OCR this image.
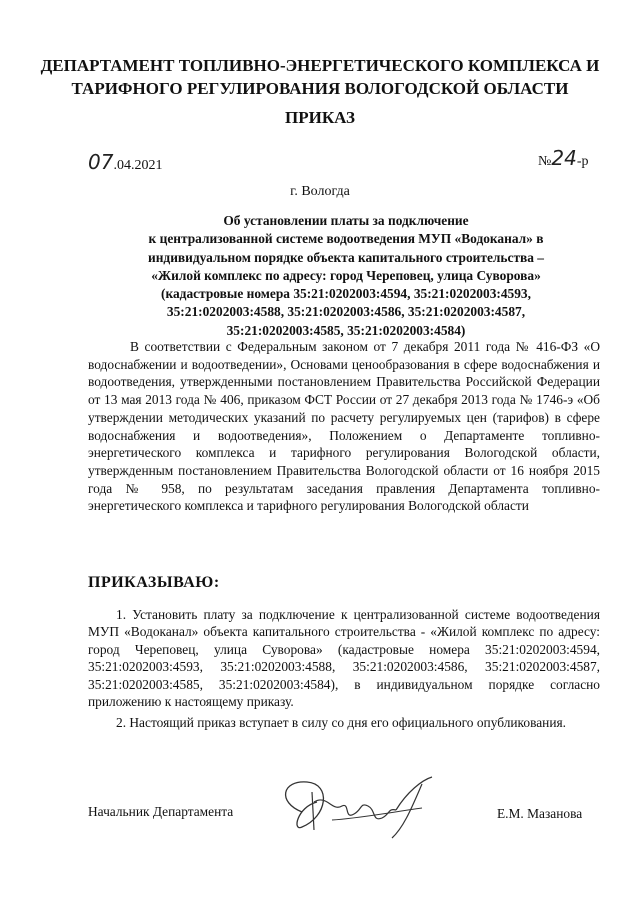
ДЕПАРТАМЕНТ ТОПЛИВНО-ЭНЕРГЕТИЧЕСКОГО КОМПЛЕКСА И
ТАРИФНОГО РЕГУЛИРОВАНИЯ ВОЛОГОДСКОЙ ОБЛАСТИ
ПРИКАЗ
07.04.2021	№24-р
г. Вологда
Об установлении платы за подключение
к централизованной системе водоотведения МУП «Водоканал» в
индивидуальном порядке объекта капитального строительства –
«Жилой комплекс по адресу: город Череповец, улица Суворова»
(кадастровые номера 35:21:0202003:4594, 35:21:0202003:4593,
35:21:0202003:4588, 35:21:0202003:4586, 35:21:0202003:4587,
35:21:0202003:4585, 35:21:0202003:4584)
В соответствии с Федеральным законом от 7 декабря 2011 года № 416-ФЗ «О водоснабжении и водоотведении», Основами ценообразования в сфере водоснабжения и водоотведения, утвержденными постановлением Правительства Российской Федерации от 13 мая 2013 года № 406, приказом ФСТ России от 27 декабря 2013 года № 1746-э «Об утверждении методических указаний по расчету регулируемых цен (тарифов) в сфере водоснабжения и водоотведения», Положением о Департаменте топливно-энергетического комплекса и тарифного регулирования Вологодской области, утвержденным постановлением Правительства Вологодской области от 16 ноября 2015 года № 958, по результатам заседания правления Департамента топливно-энергетического комплекса и тарифного регулирования Вологодской области
ПРИКАЗЫВАЮ:

1. Установить плату за подключение к централизованной системе водоотведения МУП «Водоканал» объекта капитального строительства - «Жилой комплекс по адресу: город Череповец, улица Суворова» (кадастровые номера 35:21:0202003:4594, 35:21:0202003:4593, 35:21:0202003:4588, 35:21:0202003:4586, 35:21:0202003:4587, 35:21:0202003:4585, 35:21:0202003:4584), в индивидуальном порядке согласно приложению к настоящему приказу.

2. Настоящий приказ вступает в силу со дня его официального опубликования.

Начальник Департамента	Е.М. Мазанова
